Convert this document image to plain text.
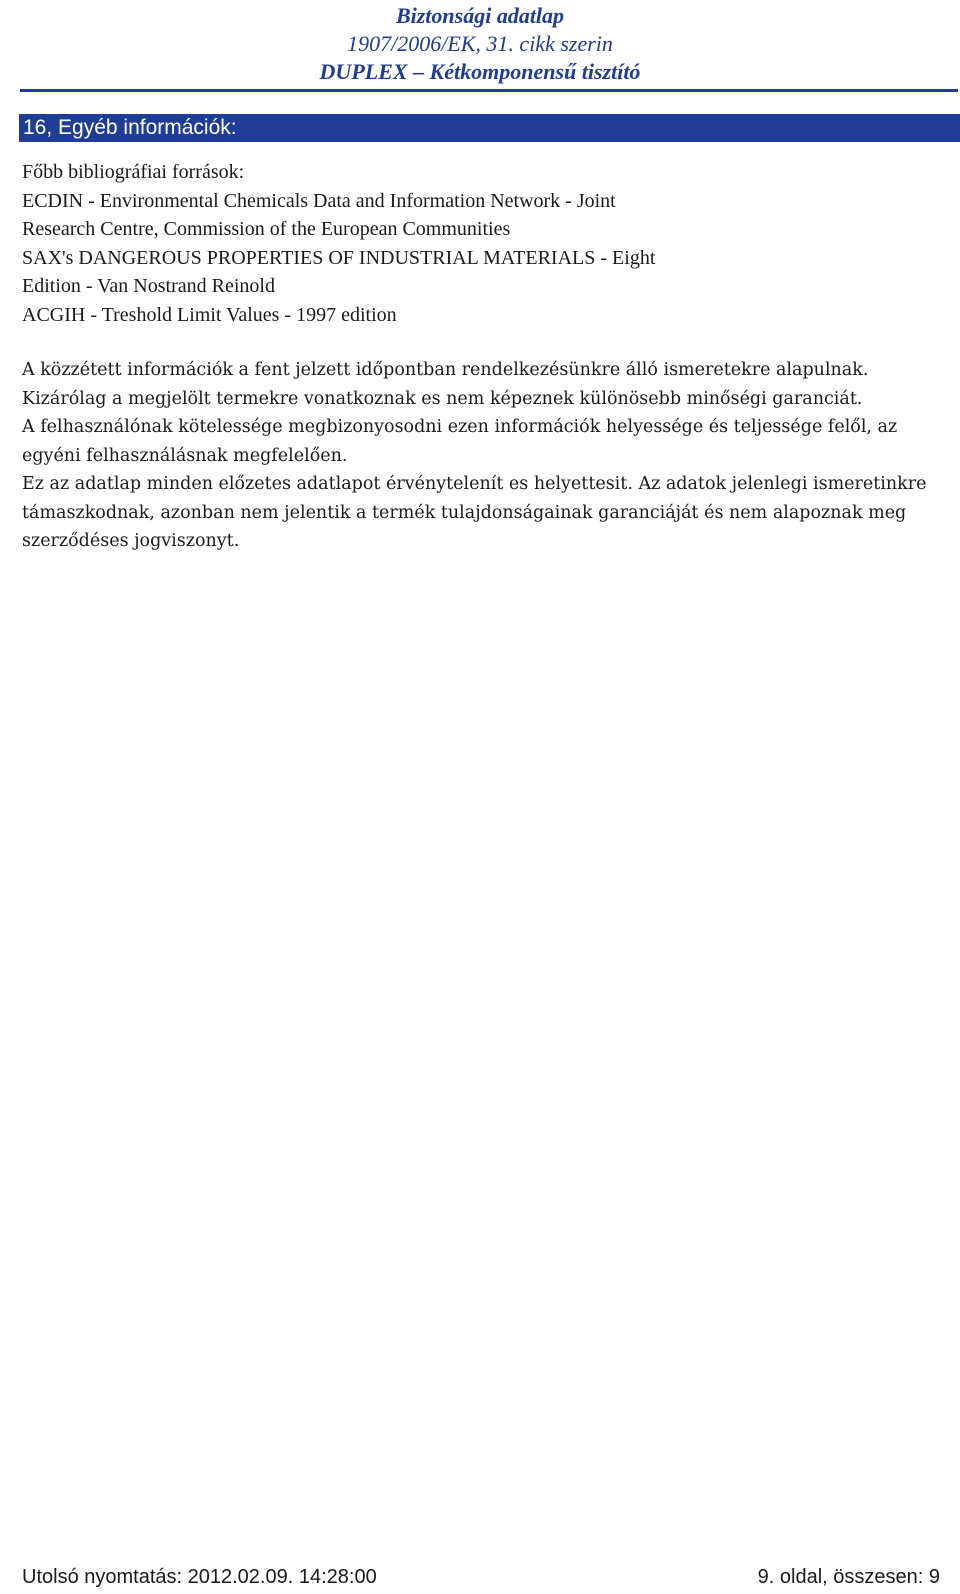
Biztonsági adatlap
1907/2006/EK, 31. cikk szerin
DUPLEX – Kétkomponensű tisztító
16, Egyéb információk:
Főbb bibliográfiai források:
ECDIN - Environmental Chemicals Data and Information Network - Joint
Research Centre, Commission of the European Communities
SAX's DANGEROUS PROPERTIES OF INDUSTRIAL MATERIALS - Eight
Edition - Van Nostrand Reinold
ACGIH - Treshold Limit Values - 1997 edition

A közzétett információk a fent jelzett időpontban rendelkezésünkre álló ismeretekre alapulnak. Kizárólag a megjelölt termekre vonatkoznak es nem képeznek különösebb minőségi garanciát.

A felhasználónak kötelessége megbizonyosodni ezen információk helyessége és teljessége felől, az egyéni felhasználásnak megfelelően.

Ez az adatlap minden előzetes adatlapot érvénytelenít es helyettesit. Az adatok jelenlegi ismeretinkre támaszkodnak, azonban nem jelentik a termék tulajdonságainak garanciáját és nem alapoznak meg szerződéses jogviszonyt.

Utolsó nyomtatás: 2012.02.09. 14:28:00	9. oldal, összesen: 9
